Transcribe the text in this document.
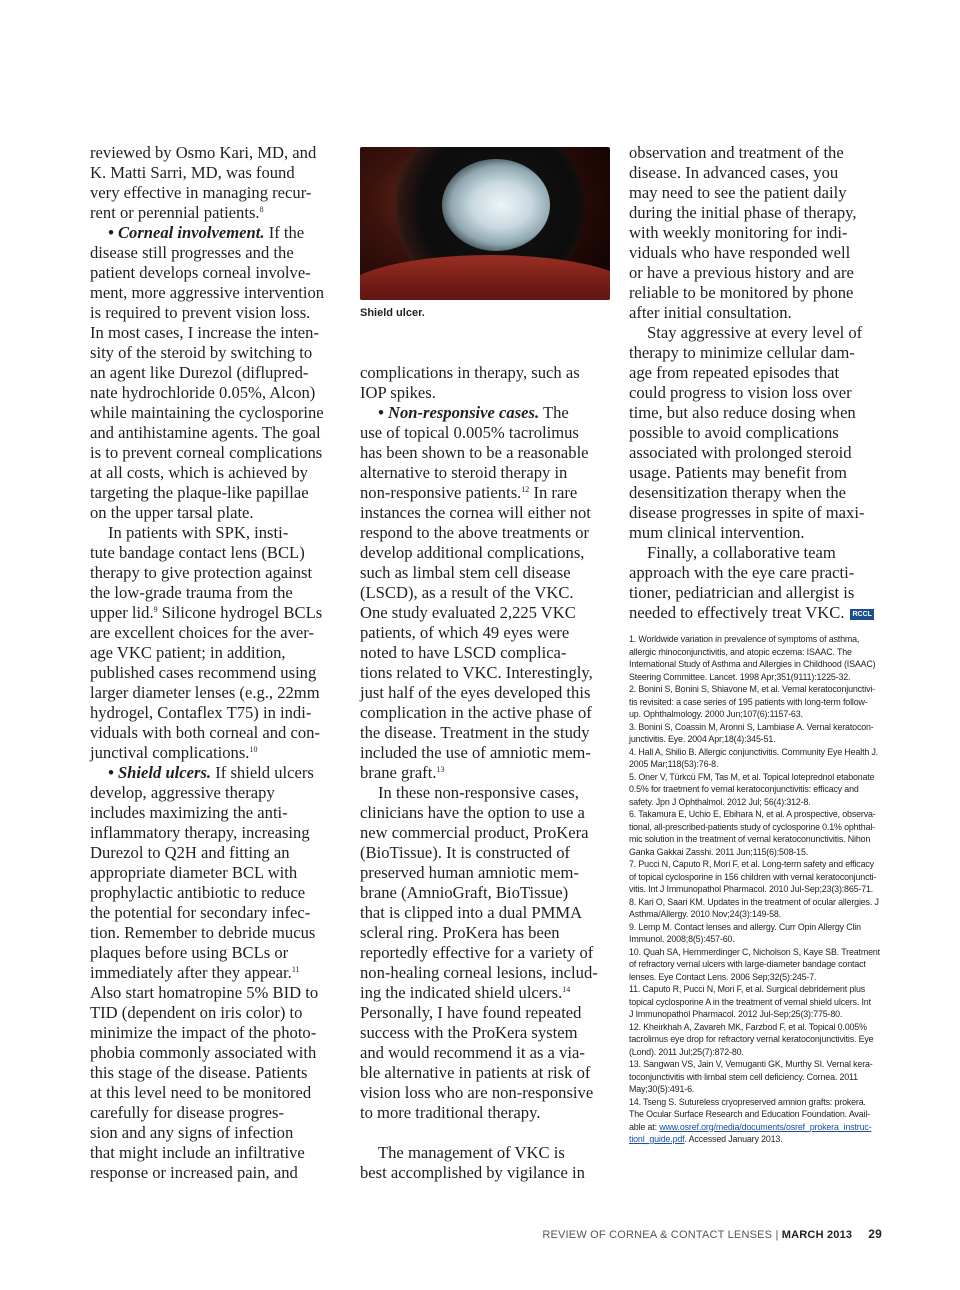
reviewed by Osmo Kari, MD, and
K. Matti Sarri, MD, was found
very effective in managing recur-
rent or perennial patients.$^8$
• Corneal involvement. If the
disease still progresses and the
patient develops corneal involve-
ment, more aggressive intervention
is required to prevent vision loss.
In most cases, I increase the inten-
sity of the steroid by switching to
an agent like Durezol (diflupred-
nate hydrochloride 0.05%, Alcon)
while maintaining the cyclosporine
and antihistamine agents. The goal
is to prevent corneal complications
at all costs, which is achieved by
targeting the plaque-like papillae
on the upper tarsal plate.
In patients with SPK, insti-
tute bandage contact lens (BCL)
therapy to give protection against
the low-grade trauma from the
upper lid.$^9$ Silicone hydrogel BCLs
are excellent choices for the aver-
age VKC patient; in addition,
published cases recommend using
larger diameter lenses (e.g., 22mm
hydrogel, Contaflex T75) in indi-
viduals with both corneal and con-
junctival complications.$^{10}$
• Shield ulcers. If shield ulcers
develop, aggressive therapy
includes maximizing the anti-
inflammatory therapy, increasing
Durezol to Q2H and fitting an
appropriate diameter BCL with
prophylactic antibiotic to reduce
the potential for secondary infec-
tion. Remember to debride mucus
plaques before using BCLs or
immediately after they appear.$^{11}$
Also start homatropine 5% BID to
TID (dependent on iris color) to
minimize the impact of the photo-
phobia commonly associated with
this stage of the disease. Patients
at this level need to be monitored
carefully for disease progres-
sion and any signs of infection
that might include an infiltrative
response or increased pain, and
Shield ulcer.
complications in therapy, such as
IOP spikes.
• Non-responsive cases. The
use of topical 0.005% tacrolimus
has been shown to be a reasonable
alternative to steroid therapy in
non-responsive patients.$^{12}$ In rare
instances the cornea will either not
respond to the above treatments or
develop additional complications,
such as limbal stem cell disease
(LSCD), as a result of the VKC.
One study evaluated 2,225 VKC
patients, of which 49 eyes were
noted to have LSCD complica-
tions related to VKC. Interestingly,
just half of the eyes developed this
complication in the active phase of
the disease. Treatment in the study
included the use of amniotic mem-
brane graft.$^{13}$
In these non-responsive cases,
clinicians have the option to use a
new commercial product, ProKera
(BioTissue). It is constructed of
preserved human amniotic mem-
brane (AmnioGraft, BioTissue)
that is clipped into a dual PMMA
scleral ring. ProKera has been
reportedly effective for a variety of
non-healing corneal lesions, includ-
ing the indicated shield ulcers.$^{14}$
Personally, I have found repeated
success with the ProKera system
and would recommend it as a via-
ble alternative in patients at risk of
vision loss who are non-responsive
to more traditional therapy.
The management of VKC is
best accomplished by vigilance in
observation and treatment of the
disease. In advanced cases, you
may need to see the patient daily
during the initial phase of therapy,
with weekly monitoring for indi-
viduals who have responded well
or have a previous history and are
reliable to be monitored by phone
after initial consultation.
Stay aggressive at every level of
therapy to minimize cellular dam-
age from repeated episodes that
could progress to vision loss over
time, but also reduce dosing when
possible to avoid complications
associated with prolonged steroid
usage. Patients may benefit from
desensitization therapy when the
disease progresses in spite of maxi-
mum clinical intervention.
Finally, a collaborative team
approach with the eye care practi-
tioner, pediatrician and allergist is
needed to effectively treat VKC. RCCL
1. Worldwide variation in prevalence of symptoms of asthma,
allergic rhinoconjunctivitis, and atopic eczema: ISAAC. The
International Study of Asthma and Allergies in Childhood (ISAAC)
Steering Committee. Lancet. 1998 Apr;351(9111):1225-32.
2. Bonini S, Bonini S, Shiavone M, et al. Vernal keratoconjunctivi-
tis revisited: a case series of 195 patients with long-term follow-
up. Ophthalmology. 2000 Jun;107(6):1157-63.
3. Bonini S, Coassin M, Aronni S, Lambiase A. Vernal keratocon-
junctivitis. Eye. 2004 Apr;18(4):345-51.
4. Hall A, Shilio B. Allergic conjunctivitis. Community Eye Health J.
2005 Mar;118(53):76-8.
5. Oner V, Türkcü FM, Tas M, et al. Topical loteprednol etabonate
0.5% for traetment fo vernal keratoconjunctivitis: efficacy and
safety. Jpn J Ophthalmol. 2012 Jul; 56(4):312-8.
6. Takamura E, Uchio E, Ebihara N, et al. A prospective, observa-
tional, all-prescribed-patients study of cyclosporine 0.1% ophthal-
mic solution in the treatment of vernal keratoconunctivitis. Nihon
Ganka Gakkai Zasshi. 2011 Jun;115(6):508-15.
7. Pucci N, Caputo R, Mori F, et al. Long-term safety and efficacy
of topical cyclosporine in 156 children with vernal keratoconjuncti-
vitis. Int J Immunopathol Pharmacol. 2010 Jul-Sep;23(3):865-71.
8. Kari O, Saari KM. Updates in the treatment of ocular allergies. J
Asthma/Allergy. 2010 Nov;24(3):149-58.
9. Lemp M. Contact lenses and allergy. Curr Opin Allergy Clin
Immunol. 2008;8(5):457-60.
10. Quah SA, Hemmerdinger C, Nicholson S, Kaye SB. Treatment
of refractory vernal ulcers with large-diameter bandage contact
lenses. Eye Contact Lens. 2006 Sep;32(5):245-7.
11. Caputo R, Pucci N, Mori F, et al. Surgical debridement plus
topical cyclosporine A in the treatment of vernal shield ulcers. Int
J Immunopathol Pharmacol. 2012 Jul-Sep;25(3):775-80.
12. Kheirkhah A, Zavareh MK, Farzbod F, et al. Topical 0.005%
tacrolimus eye drop for refractory vernal keratoconjunctivitis. Eye
(Lond). 2011 Jul;25(7):872-80.
13. Sangwan VS, Jain V, Vemuganti GK, Murthy SI. Vernal kera-
toconjunctivitis with limbal stem cell deficiency. Cornea. 2011
May;30(5):491-6.
14. Tseng S. Sutureless cryopreserved amnion grafts: prokera.
The Ocular Surface Research and Education Foundation. Avail-
able at: www.osref.org/media/documents/osref_prokera_instruc-
tionl_guide.pdf. Accessed January 2013.
REVIEW OF CORNEA & CONTACT LENSES | MARCH 2013 29
